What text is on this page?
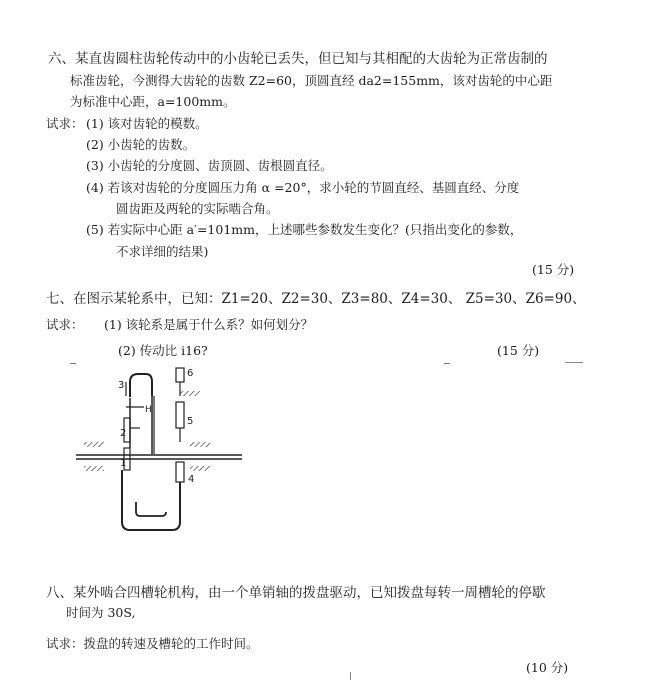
六、某直齿圆柱齿轮传动中的小齿轮已丢失，但已知与其相配的大齿轮为正常齿制的
标准齿轮，今测得大齿轮的齿数 Z2=60，顶圆直经 da2=155mm，该对齿轮的中心距
为标准中心距，a=100mm。
试求： (1) 该对齿轮的模数。
(2) 小齿轮的齿数。
(3) 小齿轮的分度圆、齿顶圆、齿根圆直径。
(4) 若该对齿轮的分度圆压力角 α =20°，求小轮的节圆直经、基圆直经、分度
圆齿距及两轮的实际啮合角。
(5) 若实际中心距 a′=101mm，上述哪些参数发生变化？(只指出变化的参数，
不求详细的结果)
(15 分)
七、在图示某轮系中，已知：Z1=20、Z2=30、Z3=80、Z4=30、 Z5=30、Z6=90、
试求： (1) 该轮系是属于什么系？如何划分？
(2) 传动比 i16?	(15 分)
3
H
2
1
6
5
4
八、某外啮合四槽轮机构，由一个单销轴的拨盘驱动，已知拨盘每转一周槽轮的停歇
时间为 30S,
试求：拨盘的转速及槽轮的工作时间。
(10 分)
